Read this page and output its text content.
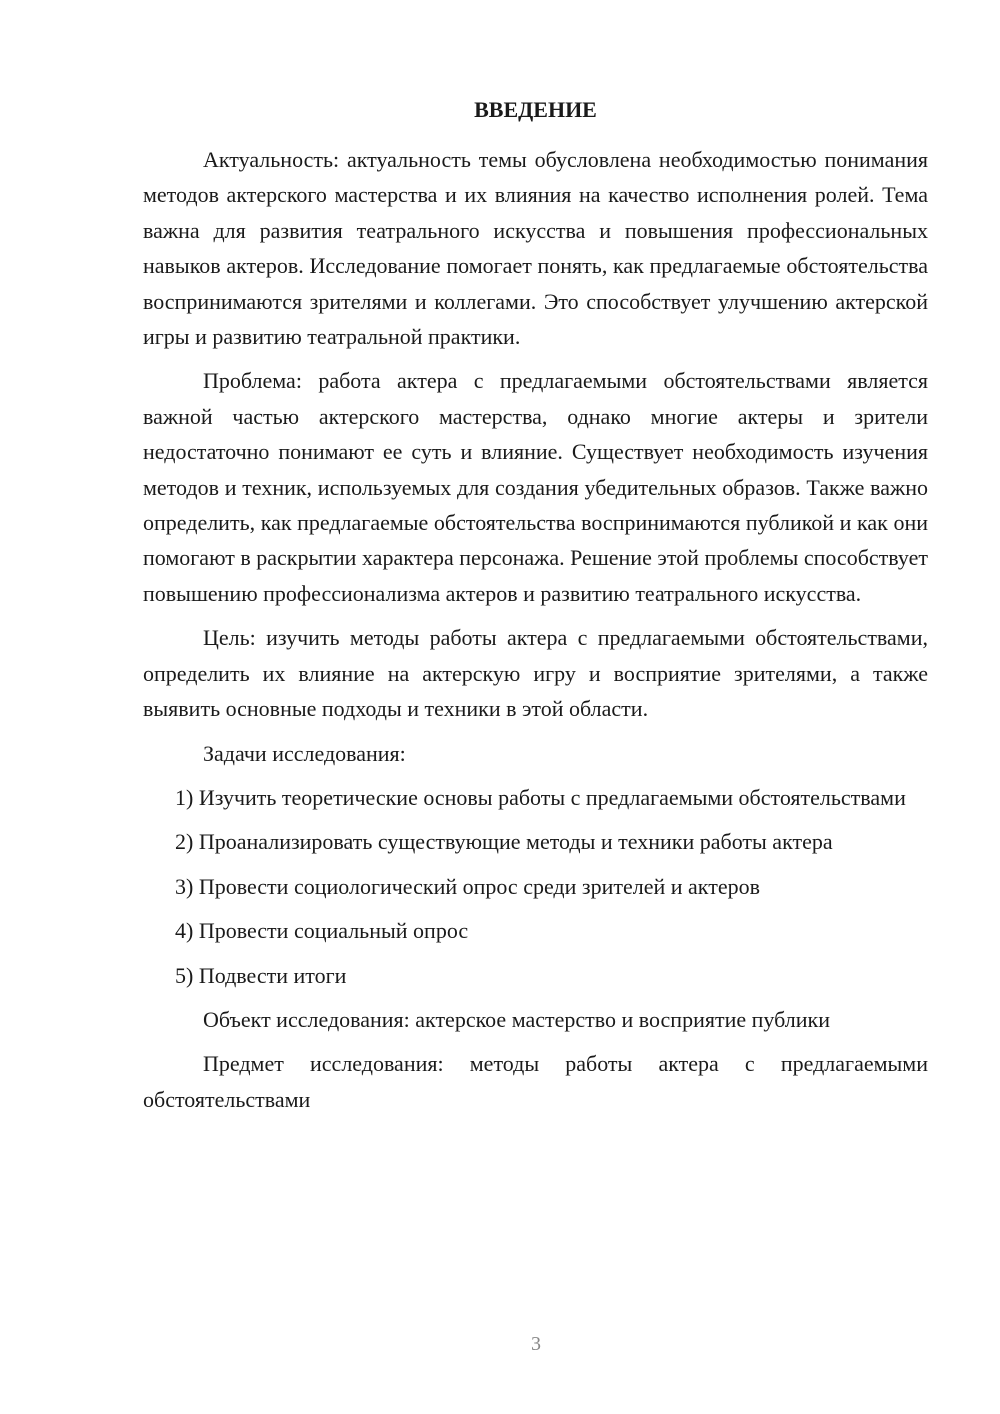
ВВЕДЕНИЕ

Актуальность: актуальность темы обусловлена необходимостью понимания методов актерского мастерства и их влияния на качество исполнения ролей. Тема важна для развития театрального искусства и повышения профессиональных навыков актеров. Исследование помогает понять, как предлагаемые обстоятельства воспринимаются зрителями и коллегами. Это способствует улучшению актерской игры и развитию театральной практики.

Проблема: работа актера с предлагаемыми обстоятельствами является важной частью актерского мастерства, однако многие актеры и зрители недостаточно понимают ее суть и влияние. Существует необходимость изучения методов и техник, используемых для создания убедительных образов. Также важно определить, как предлагаемые обстоятельства воспринимаются публикой и как они помогают в раскрытии характера персонажа. Решение этой проблемы способствует повышению профессионализма актеров и развитию театрального искусства.

Цель: изучить методы работы актера с предлагаемыми обстоятельствами, определить их влияние на актерскую игру и восприятие зрителями, а также выявить основные подходы и техники в этой области.

Задачи исследования:

1) Изучить теоретические основы работы с предлагаемыми обстоятельствами

2) Проанализировать существующие методы и техники работы актера

3) Провести социологический опрос среди зрителей и актеров

4) Провести социальный опрос

5) Подвести итоги

Объект исследования: актерское мастерство и восприятие публики

Предмет исследования: методы работы актера с предлагаемыми обстоятельствами

3
